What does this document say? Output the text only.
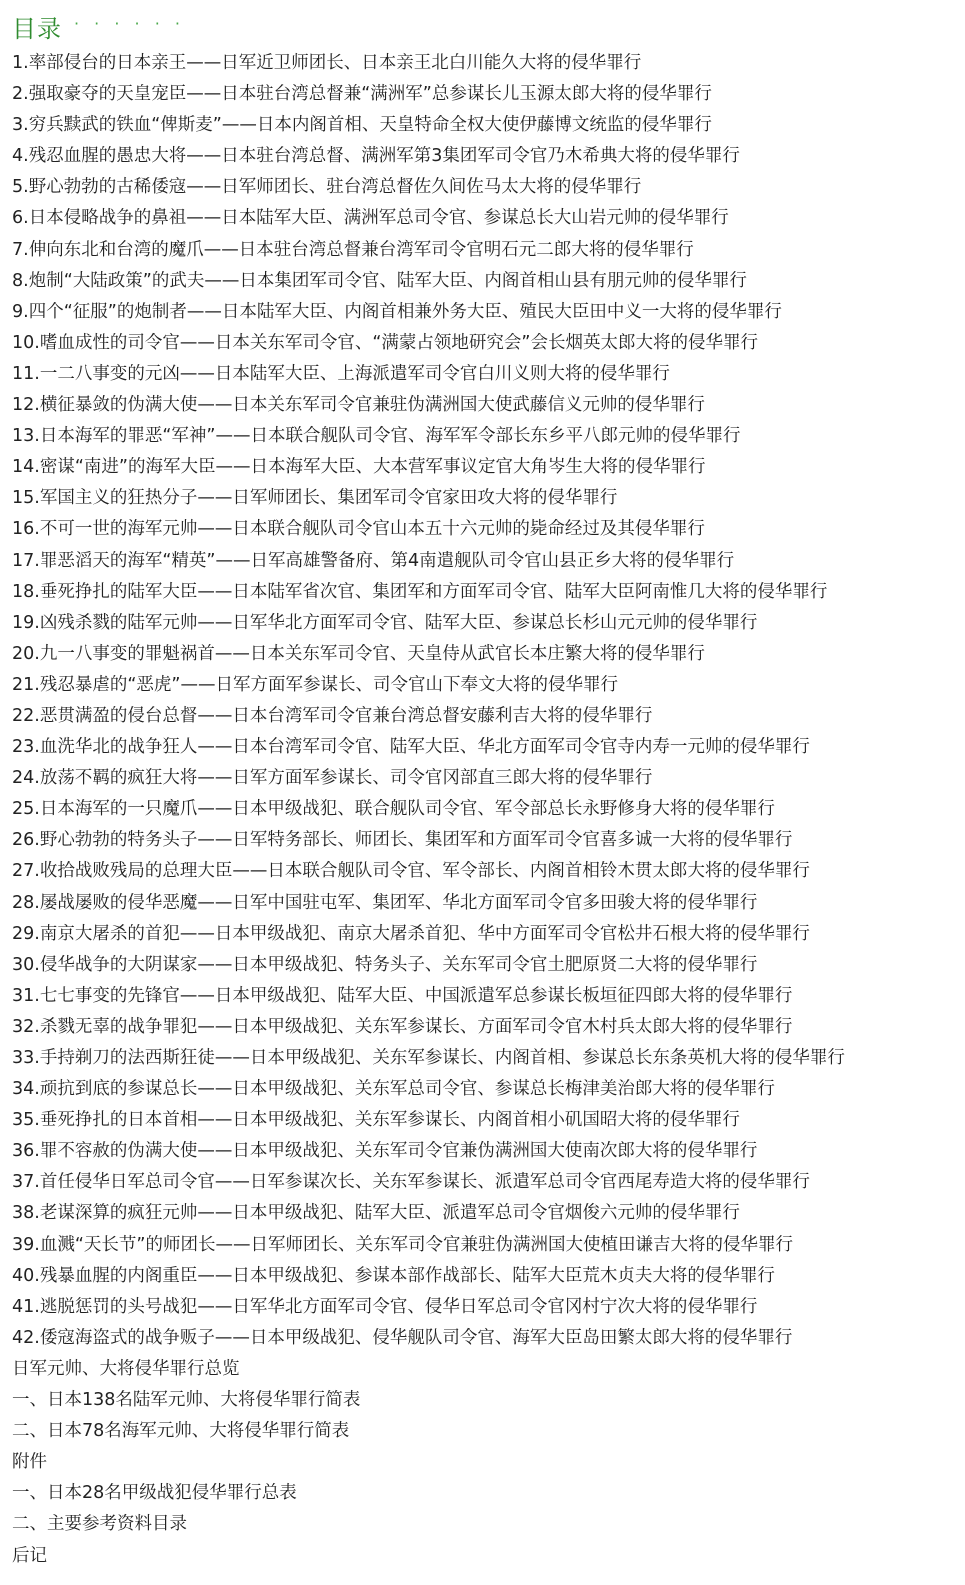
目录 · · · · · ·
1.率部侵台的日本亲王——日军近卫师团长、日本亲王北白川能久大将的侵华罪行
2.强取豪夺的天皇宠臣——日本驻台湾总督兼“满洲军”总参谋长儿玉源太郎大将的侵华罪行
3.穷兵黩武的铁血“俾斯麦”——日本内阁首相、天皇特命全权大使伊藤博文统监的侵华罪行
4.残忍血腥的愚忠大将——日本驻台湾总督、满洲军第3集团军司令官乃木希典大将的侵华罪行
5.野心勃勃的古稀倭寇——日军师团长、驻台湾总督佐久间佐马太大将的侵华罪行
6.日本侵略战争的鼻祖——日本陆军大臣、满洲军总司令官、参谋总长大山岩元帅的侵华罪行
7.伸向东北和台湾的魔爪——日本驻台湾总督兼台湾军司令官明石元二郎大将的侵华罪行
8.炮制“大陆政策”的武夫——日本集团军司令官、陆军大臣、内阁首相山县有朋元帅的侵华罪行
9.四个“征服”的炮制者——日本陆军大臣、内阁首相兼外务大臣、殖民大臣田中义一大将的侵华罪行
10.嗜血成性的司令官——日本关东军司令官、“满蒙占领地研究会”会长烟英太郎大将的侵华罪行
11.一二八事变的元凶——日本陆军大臣、上海派遣军司令官白川义则大将的侵华罪行
12.横征暴敛的伪满大使——日本关东军司令官兼驻伪满洲国大使武藤信义元帅的侵华罪行
13.日本海军的罪恶“军神”——日本联合舰队司令官、海军军令部长东乡平八郎元帅的侵华罪行
14.密谋“南进”的海军大臣——日本海军大臣、大本营军事议定官大角岑生大将的侵华罪行
15.军国主义的狂热分子——日军师团长、集团军司令官家田攻大将的侵华罪行
16.不可一世的海军元帅——日本联合舰队司令官山本五十六元帅的毙命经过及其侵华罪行
17.罪恶滔天的海军“精英”——日军高雄警备府、第4南遣舰队司令官山县正乡大将的侵华罪行
18.垂死挣扎的陆军大臣——日本陆军省次官、集团军和方面军司令官、陆军大臣阿南惟几大将的侵华罪行
19.凶残杀戮的陆军元帅——日军华北方面军司令官、陆军大臣、参谋总长杉山元元帅的侵华罪行
20.九一八事变的罪魁祸首——日本关东军司令官、天皇侍从武官长本庄繁大将的侵华罪行
21.残忍暴虐的“恶虎”——日军方面军参谋长、司令官山下奉文大将的侵华罪行
22.恶贯满盈的侵台总督——日本台湾军司令官兼台湾总督安藤利吉大将的侵华罪行
23.血洗华北的战争狂人——日本台湾军司令官、陆军大臣、华北方面军司令官寺内寿一元帅的侵华罪行
24.放荡不羁的疯狂大将——日军方面军参谋长、司令官冈部直三郎大将的侵华罪行
25.日本海军的一只魔爪——日本甲级战犯、联合舰队司令官、军令部总长永野修身大将的侵华罪行
26.野心勃勃的特务头子——日军特务部长、师团长、集团军和方面军司令官喜多诚一大将的侵华罪行
27.收拾战败残局的总理大臣——日本联合舰队司令官、军令部长、内阁首相铃木贯太郎大将的侵华罪行
28.屡战屡败的侵华恶魔——日军中国驻屯军、集团军、华北方面军司令官多田骏大将的侵华罪行
29.南京大屠杀的首犯——日本甲级战犯、南京大屠杀首犯、华中方面军司令官松井石根大将的侵华罪行
30.侵华战争的大阴谋家——日本甲级战犯、特务头子、关东军司令官土肥原贤二大将的侵华罪行
31.七七事变的先锋官——日本甲级战犯、陆军大臣、中国派遣军总参谋长板垣征四郎大将的侵华罪行
32.杀戮无辜的战争罪犯——日本甲级战犯、关东军参谋长、方面军司令官木村兵太郎大将的侵华罪行
33.手持剃刀的法西斯狂徒——日本甲级战犯、关东军参谋长、内阁首相、参谋总长东条英机大将的侵华罪行
34.顽抗到底的参谋总长——日本甲级战犯、关东军总司令官、参谋总长梅津美治郎大将的侵华罪行
35.垂死挣扎的日本首相——日本甲级战犯、关东军参谋长、内阁首相小矶国昭大将的侵华罪行
36.罪不容赦的伪满大使——日本甲级战犯、关东军司令官兼伪满洲国大使南次郎大将的侵华罪行
37.首任侵华日军总司令官——日军参谋次长、关东军参谋长、派遣军总司令官西尾寿造大将的侵华罪行
38.老谋深算的疯狂元帅——日本甲级战犯、陆军大臣、派遣军总司令官烟俊六元帅的侵华罪行
39.血溅“天长节”的师团长——日军师团长、关东军司令官兼驻伪满洲国大使植田谦吉大将的侵华罪行
40.残暴血腥的内阁重臣——日本甲级战犯、参谋本部作战部长、陆军大臣荒木贞夫大将的侵华罪行
41.逃脱惩罚的头号战犯——日军华北方面军司令官、侵华日军总司令官冈村宁次大将的侵华罪行
42.倭寇海盗式的战争贩子——日本甲级战犯、侵华舰队司令官、海军大臣岛田繁太郎大将的侵华罪行
日军元帅、大将侵华罪行总览
一、日本138名陆军元帅、大将侵华罪行简表
二、日本78名海军元帅、大将侵华罪行简表
附件
一、日本28名甲级战犯侵华罪行总表
二、主要参考资料目录
后记
